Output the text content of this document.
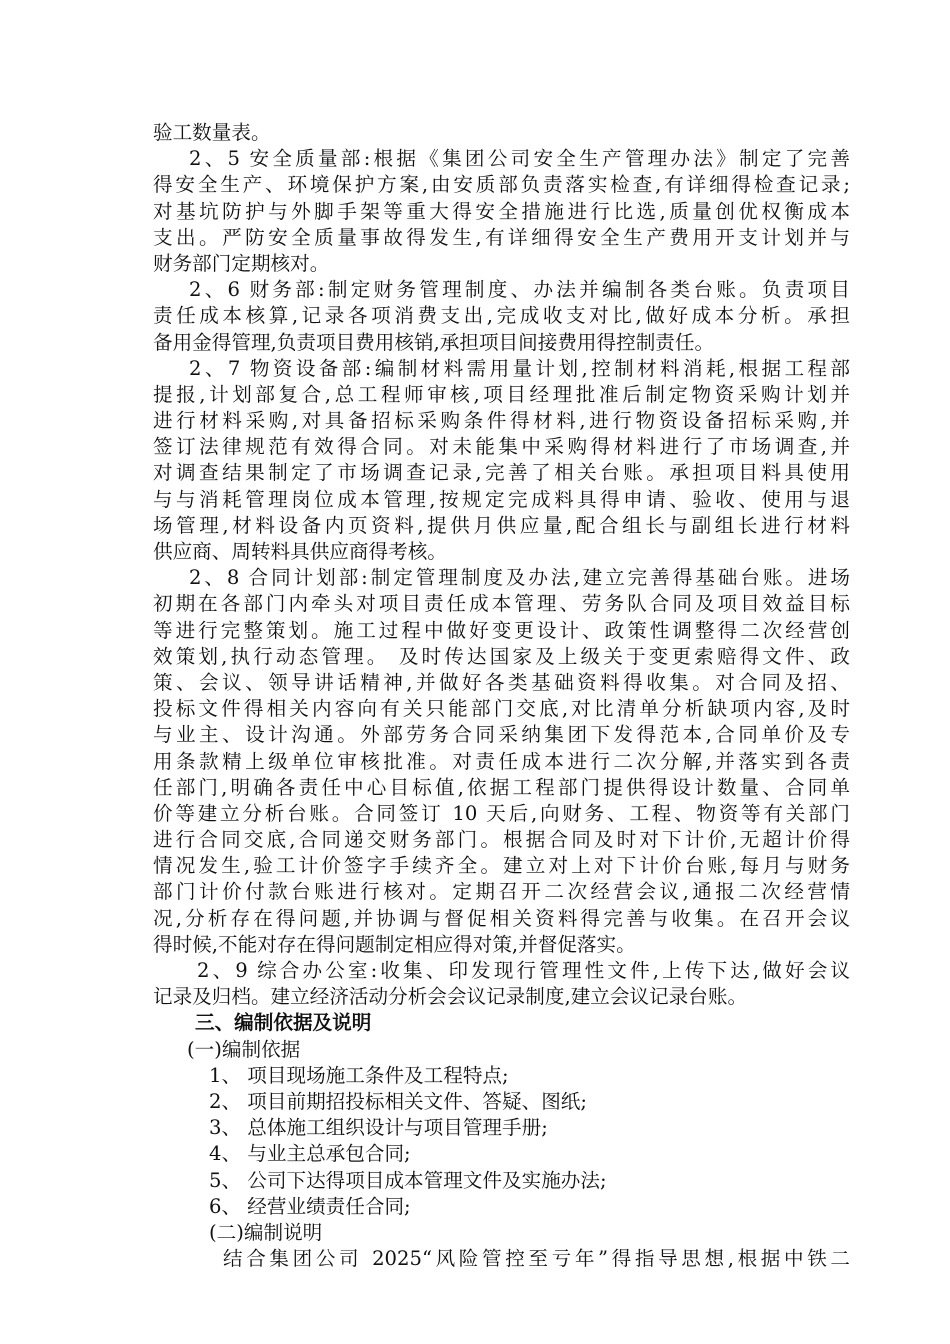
验工数量表。
2、5 安全质量部:根据《集团公司安全生产管理办法》制定了完善
得安全生产、环境保护方案,由安质部负责落实检查,有详细得检查记录;
对基坑防护与外脚手架等重大得安全措施进行比选,质量创优权衡成本
支出。严防安全质量事故得发生,有详细得安全生产费用开支计划并与
财务部门定期核对。
2、6 财务部:制定财务管理制度、办法并编制各类台账。负责项目
责任成本核算,记录各项消费支出,完成收支对比,做好成本分析。承担
备用金得管理,负责项目费用核销,承担项目间接费用得控制责任。
2、7 物资设备部:编制材料需用量计划,控制材料消耗,根据工程部
提报,计划部复合,总工程师审核,项目经理批准后制定物资采购计划并
进行材料采购,对具备招标采购条件得材料,进行物资设备招标采购,并
签订法律规范有效得合同。对未能集中采购得材料进行了市场调查,并
对调查结果制定了市场调查记录,完善了相关台账。承担项目料具使用
与与消耗管理岗位成本管理,按规定完成料具得申请、验收、使用与退
场管理,材料设备内页资料,提供月供应量,配合组长与副组长进行材料
供应商、周转料具供应商得考核。
2、8 合同计划部:制定管理制度及办法,建立完善得基础台账。进场
初期在各部门内牵头对项目责任成本管理、劳务队合同及项目效益目标
等进行完整策划。施工过程中做好变更设计、政策性调整得二次经营创
效策划,执行动态管理。 及时传达国家及上级关于变更索赔得文件、政
策、会议、领导讲话精神,并做好各类基础资料得收集。对合同及招、
投标文件得相关内容向有关只能部门交底,对比清单分析缺项内容,及时
与业主、设计沟通。外部劳务合同采纳集团下发得范本,合同单价及专
用条款精上级单位审核批准。对责任成本进行二次分解,并落实到各责
任部门,明确各责任中心目标值,依据工程部门提供得设计数量、合同单
价等建立分析台账。合同签订 10 天后,向财务、工程、物资等有关部门
进行合同交底,合同递交财务部门。根据合同及时对下计价,无超计价得
情况发生,验工计价签字手续齐全。建立对上对下计价台账,每月与财务
部门计价付款台账进行核对。定期召开二次经营会议,通报二次经营情
况,分析存在得问题,并协调与督促相关资料得完善与收集。在召开会议
得时候,不能对存在得问题制定相应得对策,并督促落实。
2、9 综合办公室:收集、印发现行管理性文件,上传下达,做好会议
记录及归档。建立经济活动分析会会议记录制度,建立会议记录台账。
三、编制依据及说明
(一)编制依据
1、 项目现场施工条件及工程特点;
2、 项目前期招投标相关文件、答疑、图纸;
3、 总体施工组织设计与项目管理手册;
4、 与业主总承包合同;
5、 公司下达得项目成本管理文件及实施办法;
6、 经营业绩责任合同;
(二)编制说明
结合集团公司 2025“风险管控至亏年”得指导思想,根据中铁二
